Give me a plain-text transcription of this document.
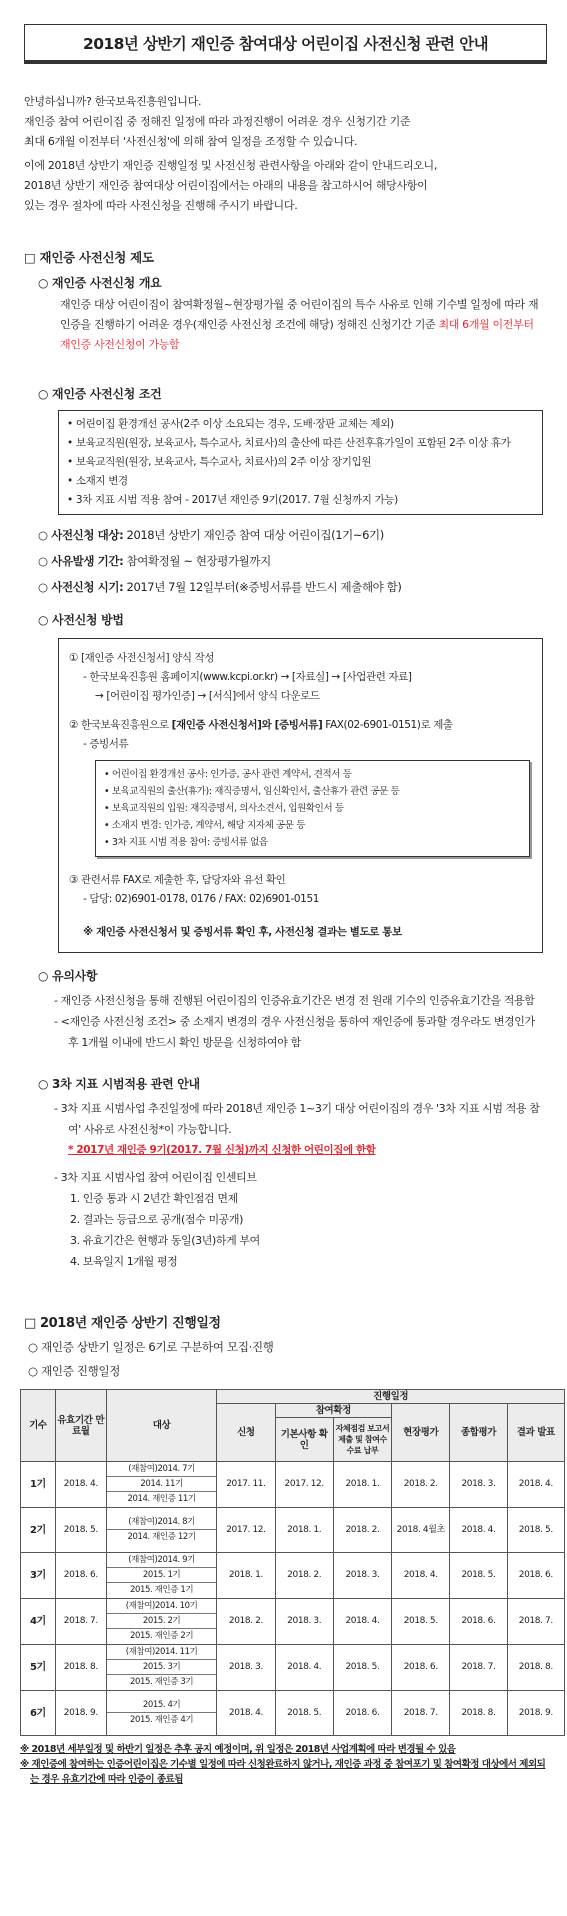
2018년 상반기 재인증 참여대상 어린이집 사전신청 관련 안내

안녕하십니까? 한국보육진흥원입니다.

재인증 참여 어린이집 중 정해진 일정에 따라 과정진행이 어려운 경우 신청기간 기준

최대 6개월 이전부터 '사전신청'에 의해 참여 일정을 조정할 수 있습니다.

이에 2018년 상반기 재인증 진행일정 및 사전신청 관련사항을 아래와 같이 안내드리오니,

2018년 상반기 재인증 참여대상 어린이집에서는 아래의 내용을 참고하시어 해당사항이

있는 경우 절차에 따라 사전신청을 진행해 주시기 바랍니다.

□ 재인증 사전신청 제도
○ 재인증 사전신청 개요
재인증 대상 어린이집이 참여확정월~현장평가월 중 어린이집의 특수 사유로 인해 기수별 일정에 따라 재인증을 진행하기 어려운 경우(재인증 사전신청 조건에 해당) 정해진 신청기간 기준 최대 6개월 이전부터 재인증 사전신청이 가능함
○ 재인증 사전신청 조건
• 어린이집 환경개선 공사(2주 이상 소요되는 경우, 도배·장판 교체는 제외)
• 보육교직원(원장, 보육교사, 특수교사, 치료사)의 출산에 따른 산전후휴가일이 포함된 2주 이상 휴가
• 보육교직원(원장, 보육교사, 특수교사, 치료사)의 2주 이상 장기입원
• 소재지 변경
• 3차 지표 시범 적용 참여 - 2017년 재인증 9기(2017. 7월 신청까지 가능)
○ 사전신청 대상: 2018년 상반기 재인증 참여 대상 어린이집(1기~6기)
○ 사유발생 기간: 참여확정월 ~ 현장평가월까지
○ 사전신청 시기: 2017년 7월 12일부터(※증빙서류를 반드시 제출해야 함)
○ 사전신청 방법
① [재인증 사전신청서] 양식 작성
- 한국보육진흥원 홈페이지(www.kcpi.or.kr) → [자료실] → [사업관련 자료]
→ [어린이집 평가인증] → [서식]에서 양식 다운로드
② 한국보육진흥원으로 [재인증 사전신청서]와 [증빙서류] FAX(02-6901-0151)로 제출
- 증빙서류
• 어린이집 환경개선 공사: 인가증, 공사 관련 계약서, 견적서 등
• 보육교직원의 출산(휴가): 재직증명서, 임신확인서, 출산휴가 관련 공문 등
• 보육교직원의 입원: 재직증명서, 의사소견서, 입원확인서 등
• 소재지 변경: 인가증, 계약서, 해당 지자체 공문 등
• 3차 지표 시범 적용 참여: 증빙서류 없음
③ 관련서류 FAX로 제출한 후, 담당자와 유선 확인
- 담당: 02)6901-0178, 0176 / FAX: 02)6901-0151
※ 재인증 사전신청서 및 증빙서류 확인 후, 사전신청 결과는 별도로 통보
○ 유의사항
- 재인증 사전신청을 통해 진행된 어린이집의 인증유효기간은 변경 전 원래 기수의 인증유효기간을 적용함
- <재인증 사전신청 조건> 중 소재지 변경의 경우 사전신청을 통하여 재인증에 통과할 경우라도 변경인가 후 1개월 이내에 반드시 확인 방문을 신청하여야 함
○ 3차 지표 시범적용 관련 안내
- 3차 지표 시범사업 추진일정에 따라 2018년 재인증 1~3기 대상 어린이집의 경우 '3차 지표 시범 적용 참여' 사유로 사전신청*이 가능합니다.
* 2017년 재인증 9기(2017. 7월 신청)까지 신청한 어린이집에 한함
- 3차 지표 시범사업 참여 어린이집 인센티브
1. 인증 통과 시 2년간 확인점검 면제
2. 결과는 등급으로 공개(점수 미공개)
3. 유효기간은 현행과 동일(3년)하게 부여
4. 보육일지 1개월 평정
□ 2018년 재인증 상반기 진행일정
○ 재인증 상반기 일정은 6기로 구분하여 모집·진행
○ 재인증 진행일정
기수	유효기간 만료월	대상	진행일정					
			신청	참여확정		현장평가	종합평가	결과 발표
				기본사항 확인	자체점검 보고서 제출 및 참여수수료 납부			
1기	2018. 4.	(재참여)2014. 7기
2014. 11기
2014. 재인증 11기	2017. 11.	2017. 12.	2018. 1.	2018. 2.	2018. 3.	2018. 4.
2기	2018. 5.	(재참여)2014. 8기
2014. 재인증 12기	2017. 12.	2018. 1.	2018. 2.	2018. 4월초	2018. 4.	2018. 5.
3기	2018. 6.	(재참여)2014. 9기
2015. 1기
2015. 재인증 1기	2018. 1.	2018. 2.	2018. 3.	2018. 4.	2018. 5.	2018. 6.
4기	2018. 7.	(재참여)2014. 10기
2015. 2기
2015. 재인증 2기	2018. 2.	2018. 3.	2018. 4.	2018. 5.	2018. 6.	2018. 7.
5기	2018. 8.	(재참여)2014. 11기
2015. 3기
2015. 재인증 3기	2018. 3.	2018. 4.	2018. 5.	2018. 6.	2018. 7.	2018. 8.
6기	2018. 9.	2015. 4기
2015. 재인증 4기	2018. 4.	2018. 5.	2018. 6.	2018. 7.	2018. 8.	2018. 9.
※ 2018년 세부일정 및 하반기 일정은 추후 공지 예정이며, 위 일정은 2018년 사업계획에 따라 변경될 수 있음
※ 재인증에 참여하는 인증어린이집은 기수별 일정에 따라 신청완료하지 않거나, 재인증 과정 중 참여포기 및 참여확정 대상에서 제외되는 경우 유효기간에 따라 인증이 종료됨
